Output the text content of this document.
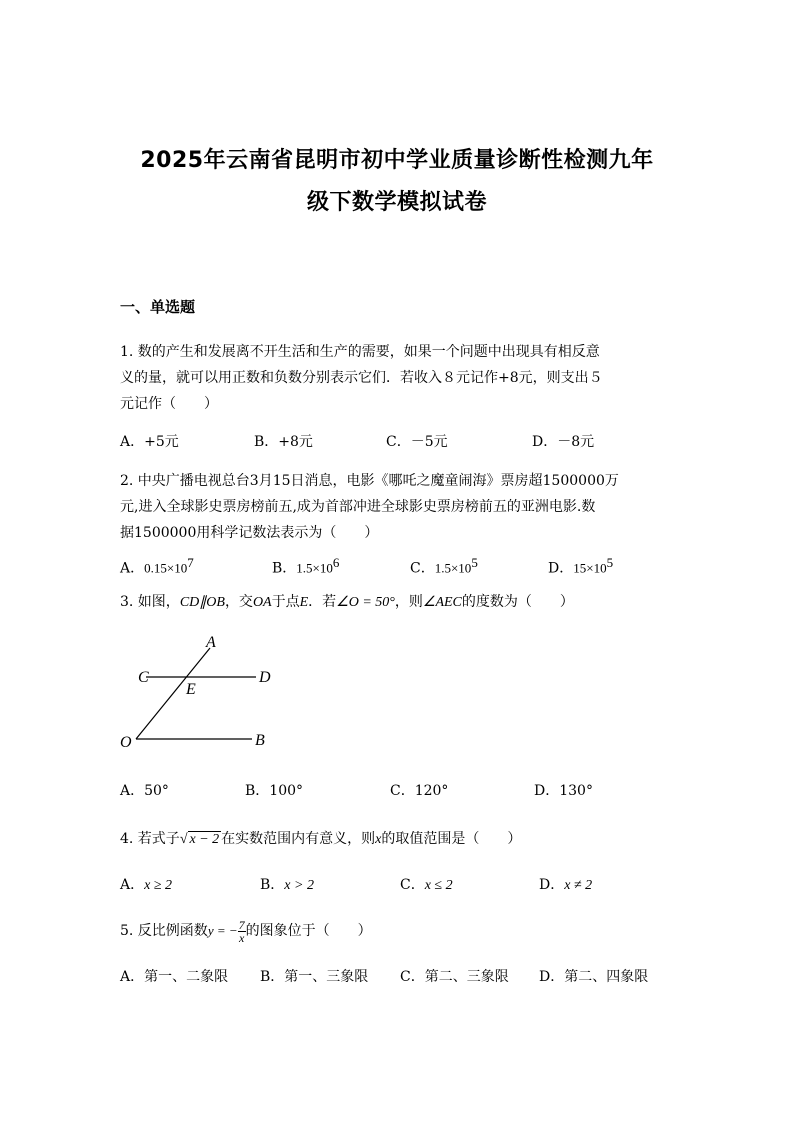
2025年云南省昆明市初中学业质量诊断性检测九年
级下数学模拟试卷
一、单选题
1. 数的产生和发展离不开生活和生产的需要，如果一个问题中出现具有相反意
义的量，就可以用正数和负数分别表示它们．若收入８元记作+8元，则支出５
元记作（　　）
A．+5元	B．+8元	C．－5元	D．－8元
2. 中央广播电视总台3月15日消息，电影《哪吒之魔童闹海》票房超1500000万
元,进入全球影史票房榜前五,成为首部冲进全球影史票房榜前五的亚洲电影.数
据1500000用科学记数法表示为（　　）
A．$0.15\times 10^7$	B．$1.5\times 10^6$	C．$1.5\times 10^5$	D．$15\times 10^5$
3. 如图，CD∥OB，交OA于点E．若∠O = 50°，则∠AEC的度数为（　　）
A
C
E
D
O	B
A．50°	B．100°	C．120°	D．130°
4. 若式子√ x − 2 在实数范围内有意义，则x的取值范围是（　　）
A．x ≥ 2	B．x > 2	C．x ≤ 2	D．x ≠ 2
5. 反比例函数y = − $\frac{7}{x}$ 的图象位于（　　）
A．第一、二象限 B．第一、三象限 C．第二、三象限 D．第二、四象限
